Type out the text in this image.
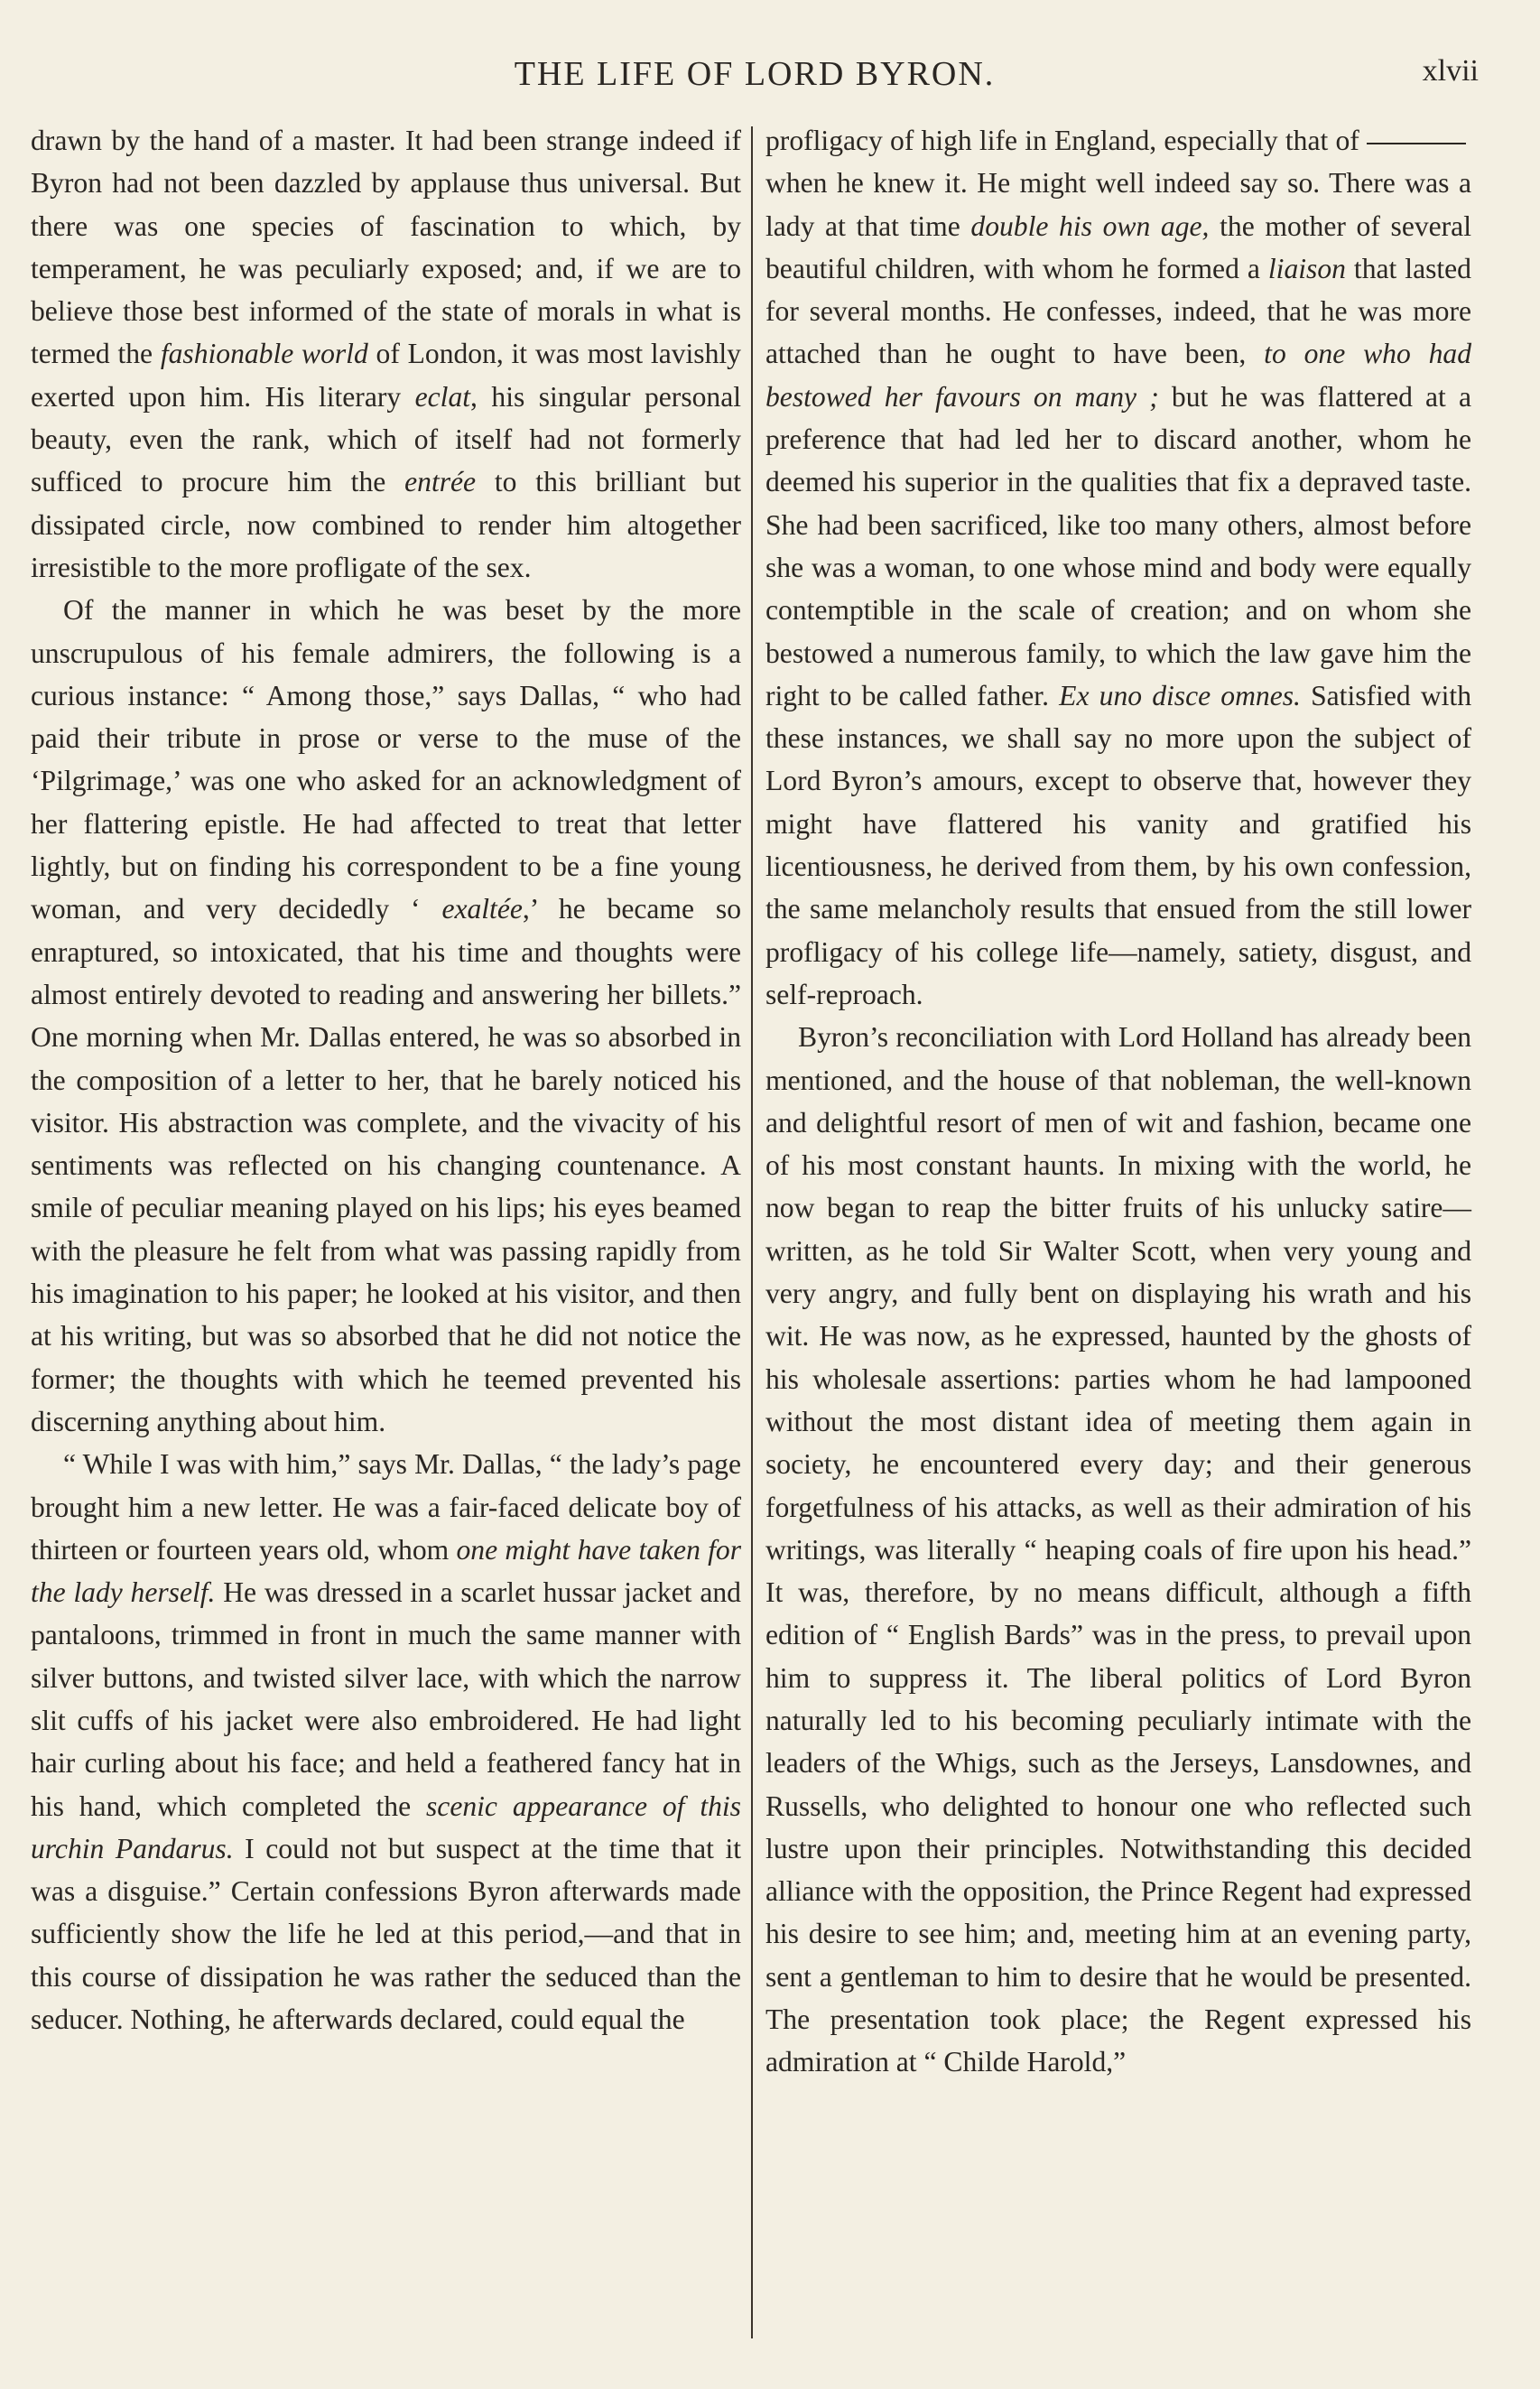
THE LIFE OF LORD BYRON.	xlvii

drawn by the hand of a master. It had been strange indeed if Byron had not been dazzled by applause thus universal. But there was one species of fascination to which, by temperament, he was peculiarly exposed; and, if we are to believe those best informed of the state of morals in what is termed the fashionable world of London, it was most lavishly exerted upon him. His literary eclat, his singular personal beauty, even the rank, which of itself had not formerly sufficed to procure him the entrée to this brilliant but dissipated circle, now combined to render him altogether irresistible to the more profligate of the sex.

Of the manner in which he was beset by the more unscrupulous of his female admirers, the following is a curious instance: “ Among those,” says Dallas, “ who had paid their tribute in prose or verse to the muse of the ‘Pilgrimage,’ was one who asked for an acknowledgment of her flattering epistle. He had affected to treat that letter lightly, but on finding his correspondent to be a fine young woman, and very decidedly ‘ exaltée,’ he became so enraptured, so intoxicated, that his time and thoughts were almost entirely devoted to reading and answering her billets.” One morning when Mr. Dallas entered, he was so absorbed in the composition of a letter to her, that he barely noticed his visitor. His abstraction was complete, and the vivacity of his sentiments was reflected on his changing countenance. A smile of peculiar meaning played on his lips; his eyes beamed with the pleasure he felt from what was passing rapidly from his imagination to his paper; he looked at his visitor, and then at his writing, but was so absorbed that he did not notice the former; the thoughts with which he teemed prevented his discerning anything about him.

“ While I was with him,” says Mr. Dallas, “ the lady’s page brought him a new letter. He was a fair-faced delicate boy of thirteen or fourteen years old, whom one might have taken for the lady herself. He was dressed in a scarlet hussar jacket and pantaloons, trimmed in front in much the same manner with silver buttons, and twisted silver lace, with which the narrow slit cuffs of his jacket were also embroidered. He had light hair curling about his face; and held a feathered fancy hat in his hand, which completed the scenic appearance of this urchin Pandarus. I could not but suspect at the time that it was a disguise.” Certain confessions Byron afterwards made sufficiently show the life he led at this period,—and that in this course of dissipation he was rather the seduced than the seducer. Nothing, he afterwards declared, could equal the

profligacy of high life in England, especially that of  when he knew it. He might well indeed say so. There was a lady at that time double his own age, the mother of several beautiful children, with whom he formed a liaison that lasted for several months. He confesses, indeed, that he was more attached than he ought to have been, to one who had bestowed her favours on many ; but he was flattered at a preference that had led her to discard another, whom he deemed his superior in the qualities that fix a depraved taste. She had been sacrificed, like too many others, almost before she was a woman, to one whose mind and body were equally contemptible in the scale of creation; and on whom she bestowed a numerous family, to which the law gave him the right to be called father. Ex uno disce omnes. Satisfied with these instances, we shall say no more upon the subject of Lord Byron’s amours, except to observe that, however they might have flattered his vanity and gratified his licentiousness, he derived from them, by his own confession, the same melancholy results that ensued from the still lower profligacy of his college life—namely, satiety, disgust, and self-reproach.

Byron’s reconciliation with Lord Holland has already been mentioned, and the house of that nobleman, the well-known and delightful resort of men of wit and fashion, became one of his most constant haunts. In mixing with the world, he now began to reap the bitter fruits of his unlucky satire—written, as he told Sir Walter Scott, when very young and very angry, and fully bent on displaying his wrath and his wit. He was now, as he expressed, haunted by the ghosts of his wholesale assertions: parties whom he had lampooned without the most distant idea of meeting them again in society, he encountered every day; and their generous forgetfulness of his attacks, as well as their admiration of his writings, was literally “ heaping coals of fire upon his head.” It was, therefore, by no means difficult, although a fifth edition of “ English Bards” was in the press, to prevail upon him to suppress it. The liberal politics of Lord Byron naturally led to his becoming peculiarly intimate with the leaders of the Whigs, such as the Jerseys, Lansdownes, and Russells, who delighted to honour one who reflected such lustre upon their principles. Notwithstanding this decided alliance with the opposition, the Prince Regent had expressed his desire to see him; and, meeting him at an evening party, sent a gentleman to him to desire that he would be presented. The presentation took place; the Regent expressed his admiration at “ Childe Harold,”
